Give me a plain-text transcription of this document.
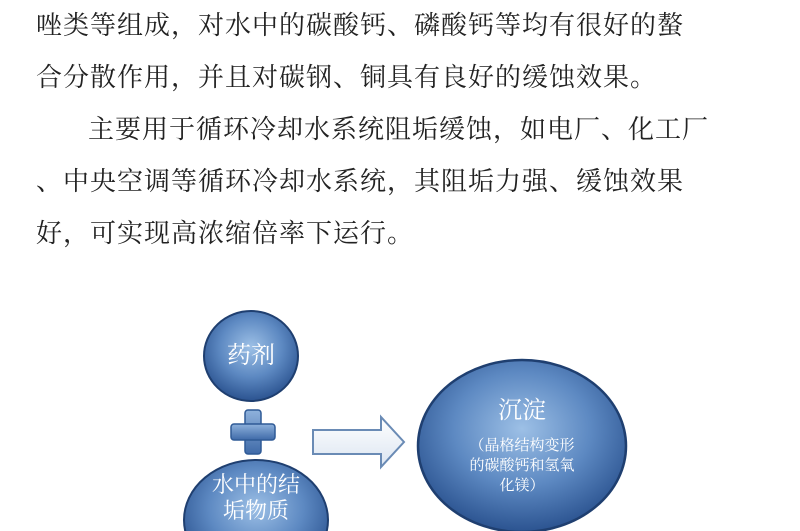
唑类等组成，对水中的碳酸钙、磷酸钙等均有很好的螯
合分散作用，并且对碳钢、铜具有良好的缓蚀效果。
主要用于循环冷却水系统阻垢缓蚀，如电厂、化工厂
、中央空调等循环冷却水系统，其阻垢力强、缓蚀效果
好，可实现高浓缩倍率下运行。
药剂
水中的结
垢物质
沉淀
（晶格结构变形
的碳酸钙和氢氧
化镁）
